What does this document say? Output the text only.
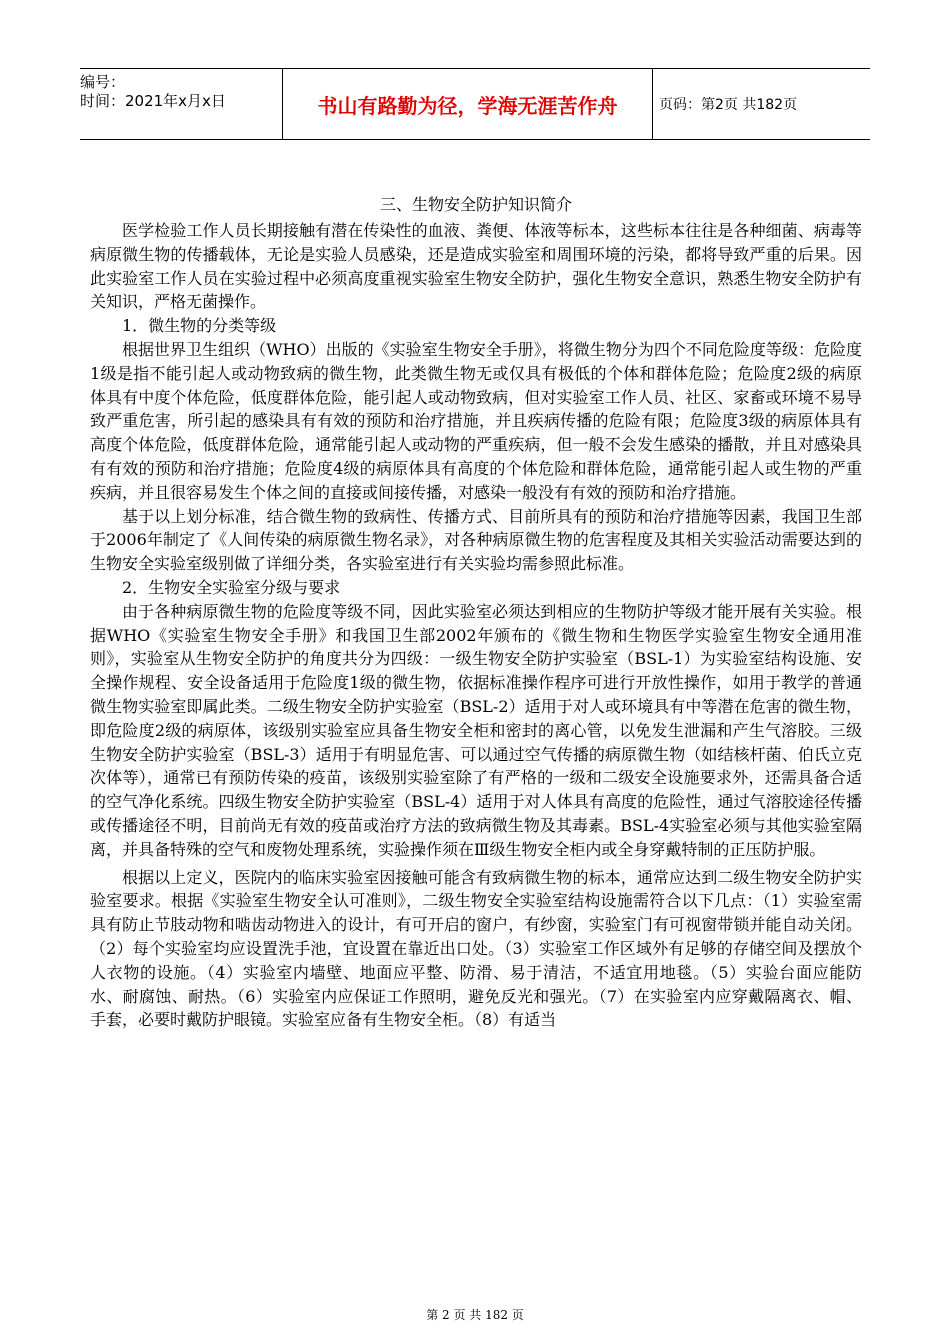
编号：
时间：2021年x月x日	书山有路勤为径，学海无涯苦作舟	页码：第2页 共182页
三、生物安全防护知识简介

医学检验工作人员长期接触有潜在传染性的血液、粪便、体液等标本，这些标本往往是各种细菌、病毒等病原微生物的传播载体，无论是实验人员感染，还是造成实验室和周围环境的污染，都将导致严重的后果。因此实验室工作人员在实验过程中必须高度重视实验室生物安全防护，强化生物安全意识，熟悉生物安全防护有关知识，严格无菌操作。

1．微生物的分类等级

根据世界卫生组织（WHO）出版的《实验室生物安全手册》，将微生物分为四个不同危险度等级：危险度1级是指不能引起人或动物致病的微生物，此类微生物无或仅具有极低的个体和群体危险；危险度2级的病原体具有中度个体危险，低度群体危险，能引起人或动物致病，但对实验室工作人员、社区、家畜或环境不易导致严重危害，所引起的感染具有有效的预防和治疗措施，并且疾病传播的危险有限；危险度3级的病原体具有高度个体危险，低度群体危险，通常能引起人或动物的严重疾病，但一般不会发生感染的播散，并且对感染具有有效的预防和治疗措施；危险度4级的病原体具有高度的个体危险和群体危险，通常能引起人或生物的严重疾病，并且很容易发生个体之间的直接或间接传播，对感染一般没有有效的预防和治疗措施。

基于以上划分标准，结合微生物的致病性、传播方式、目前所具有的预防和治疗措施等因素，我国卫生部于2006年制定了《人间传染的病原微生物名录》，对各种病原微生物的危害程度及其相关实验活动需要达到的生物安全实验室级别做了详细分类，各实验室进行有关实验均需参照此标准。

2．生物安全实验室分级与要求

由于各种病原微生物的危险度等级不同，因此实验室必须达到相应的生物防护等级才能开展有关实验。根据WHO《实验室生物安全手册》和我国卫生部2002年颁布的《微生物和生物医学实验室生物安全通用准则》，实验室从生物安全防护的角度共分为四级：一级生物安全防护实验室（BSL-1）为实验室结构设施、安全操作规程、安全设备适用于危险度1级的微生物，依据标准操作程序可进行开放性操作，如用于教学的普通微生物实验室即属此类。二级生物安全防护实验室（BSL-2）适用于对人或环境具有中等潜在危害的微生物，即危险度2级的病原体，该级别实验室应具备生物安全柜和密封的离心管，以免发生泄漏和产生气溶胶。三级生物安全防护实验室（BSL-3）适用于有明显危害、可以通过空气传播的病原微生物（如结核杆菌、伯氏立克次体等），通常已有预防传染的疫苗，该级别实验室除了有严格的一级和二级安全设施要求外，还需具备合适的空气净化系统。四级生物安全防护实验室（BSL-4）适用于对人体具有高度的危险性，通过气溶胶途径传播或传播途径不明，目前尚无有效的疫苗或治疗方法的致病微生物及其毒素。BSL-4实验室必须与其他实验室隔离，并具备特殊的空气和废物处理系统，实验操作须在Ⅲ级生物安全柜内或全身穿戴特制的正压防护服。

根据以上定义，医院内的临床实验室因接触可能含有致病微生物的标本，通常应达到二级生物安全防护实验室要求。根据《实验室生物安全认可准则》，二级生物安全实验室结构设施需符合以下几点：（1）实验室需具有防止节肢动物和啮齿动物进入的设计，有可开启的窗户，有纱窗，实验室门有可视窗带锁并能自动关闭。（2）每个实验室均应设置洗手池，宜设置在靠近出口处。（3）实验室工作区域外有足够的存储空间及摆放个人衣物的设施。（4）实验室内墙壁、地面应平整、防滑、易于清洁，不适宜用地毯。（5）实验台面应能防水、耐腐蚀、耐热。（6）实验室内应保证工作照明，避免反光和强光。（7）在实验室内应穿戴隔离衣、帽、手套，必要时戴防护眼镜。实验室应备有生物安全柜。（8）有适当

第 2 页 共 182 页
